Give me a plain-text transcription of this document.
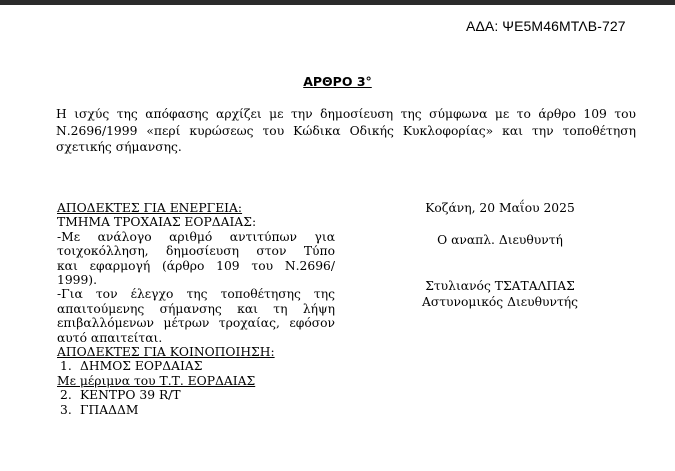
ΑΔΑ: ΨΕ5Μ46ΜΤΛΒ-727
ΑΡΘΡΟ 3°
Η ισχύς της απόφασης αρχίζει με την δημοσίευση της σύμφωνα με το άρθρο 109 του
Ν.2696/1999 «περί κυρώσεως του Κώδικα Οδικής Κυκλοφορίας» και την τοποθέτηση
σχετικής σήμανσης.
ΑΠΟΔΕΚΤΕΣ ΓΙΑ ΕΝΕΡΓΕΙΑ:
ΤΜΗΜΑ ΤΡΟΧΑΙΑΣ ΕΟΡΔΑΙΑΣ:
-Με ανάλογο αριθμό αντιτύπων για
τοιχοκόλληση, δημοσίευση στον Τύπο
και εφαρμογή (άρθρο 109 του Ν.2696/
1999).
-Για τον έλεγχο της τοποθέτησης της
απαιτούμενης σήμανσης και τη λήψη
επιβαλλόμενων μέτρων τροχαίας, εφόσον
αυτό απαιτείται.
ΑΠΟΔΕΚΤΕΣ ΓΙΑ ΚΟΙΝΟΠΟΙΗΣΗ:
1. ΔΗΜΟΣ ΕΟΡΔΑΙΑΣ
Με μέριμνα του Τ.Τ. ΕΟΡΔΑΙΑΣ
2. ΚΕΝΤΡΟ 39 R/T
3. ΓΠΑΔΔΜ
Κοζάνη, 20 Μαΐου 2025
Ο αναπλ. Διευθυντή
Στυλιανός ΤΣΑΤΑΛΠΑΣ
Αστυνομικός Διευθυντής
